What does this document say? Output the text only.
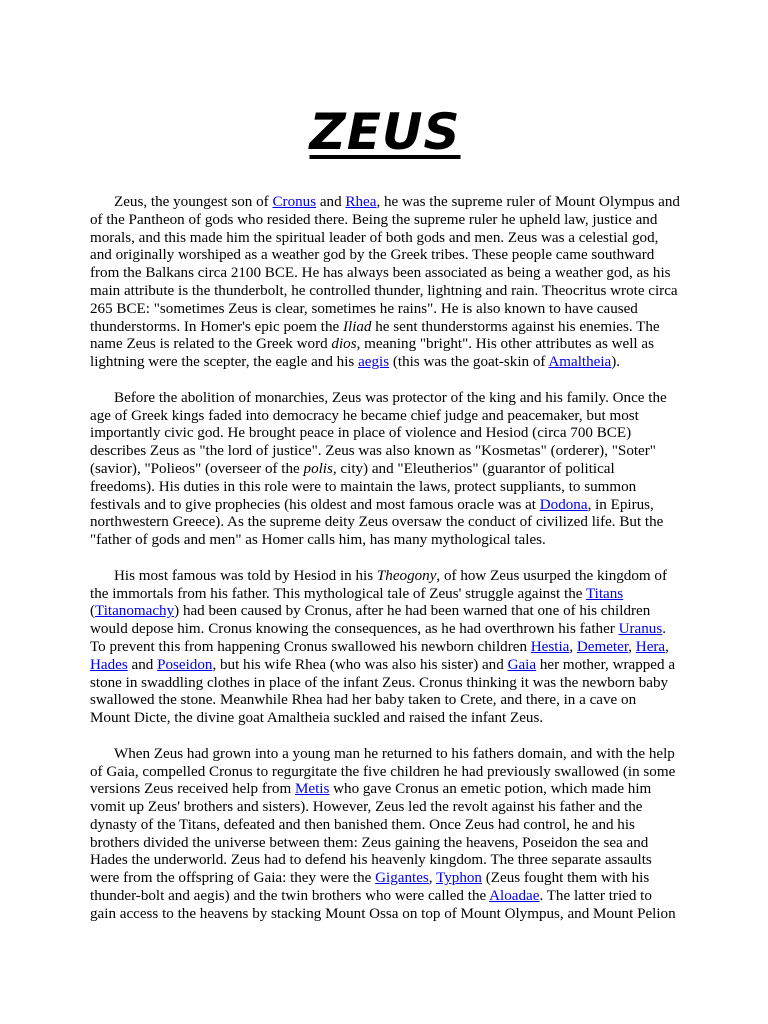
ZEUS

Zeus, the youngest son of Cronus and Rhea, he was the supreme ruler of Mount Olympus and of the Pantheon of gods who resided there. Being the supreme ruler he upheld law, justice and morals, and this made him the spiritual leader of both gods and men. Zeus was a celestial god, and originally worshiped as a weather god by the Greek tribes. These people came southward from the Balkans circa 2100 BCE. He has always been associated as being a weather god, as his main attribute is the thunderbolt, he controlled thunder, lightning and rain. Theocritus wrote circa 265 BCE: "sometimes Zeus is clear, sometimes he rains". He is also known to have caused thunderstorms. In Homer's epic poem the Iliad he sent thunderstorms against his enemies. The name Zeus is related to the Greek word dios, meaning "bright". His other attributes as well as lightning were the scepter, the eagle and his aegis (this was the goat-skin of Amaltheia).

Before the abolition of monarchies, Zeus was protector of the king and his family. Once the age of Greek kings faded into democracy he became chief judge and peacemaker, but most importantly civic god. He brought peace in place of violence and Hesiod (circa 700 BCE) describes Zeus as "the lord of justice". Zeus was also known as "Kosmetas" (orderer), "Soter" (savior), "Polieos" (overseer of the polis, city) and "Eleutherios" (guarantor of political freedoms). His duties in this role were to maintain the laws, protect suppliants, to summon festivals and to give prophecies (his oldest and most famous oracle was at Dodona, in Epirus, northwestern Greece). As the supreme deity Zeus oversaw the conduct of civilized life. But the "father of gods and men" as Homer calls him, has many mythological tales.

His most famous was told by Hesiod in his Theogony, of how Zeus usurped the kingdom of the immortals from his father. This mythological tale of Zeus' struggle against the Titans (Titanomachy) had been caused by Cronus, after he had been warned that one of his children would depose him. Cronus knowing the consequences, as he had overthrown his father Uranus. To prevent this from happening Cronus swallowed his newborn children Hestia, Demeter, Hera, Hades and Poseidon, but his wife Rhea (who was also his sister) and Gaia her mother, wrapped a stone in swaddling clothes in place of the infant Zeus. Cronus thinking it was the newborn baby swallowed the stone. Meanwhile Rhea had her baby taken to Crete, and there, in a cave on Mount Dicte, the divine goat Amaltheia suckled and raised the infant Zeus.

When Zeus had grown into a young man he returned to his fathers domain, and with the help of Gaia, compelled Cronus to regurgitate the five children he had previously swallowed (in some versions Zeus received help from Metis who gave Cronus an emetic potion, which made him vomit up Zeus' brothers and sisters). However, Zeus led the revolt against his father and the dynasty of the Titans, defeated and then banished them. Once Zeus had control, he and his brothers divided the universe between them: Zeus gaining the heavens, Poseidon the sea and Hades the underworld. Zeus had to defend his heavenly kingdom. The three separate assaults were from the offspring of Gaia: they were the Gigantes, Typhon (Zeus fought them with his thunder-bolt and aegis) and the twin brothers who were called the Aloadae. The latter tried to gain access to the heavens by stacking Mount Ossa on top of Mount Olympus, and Mount Pelion
